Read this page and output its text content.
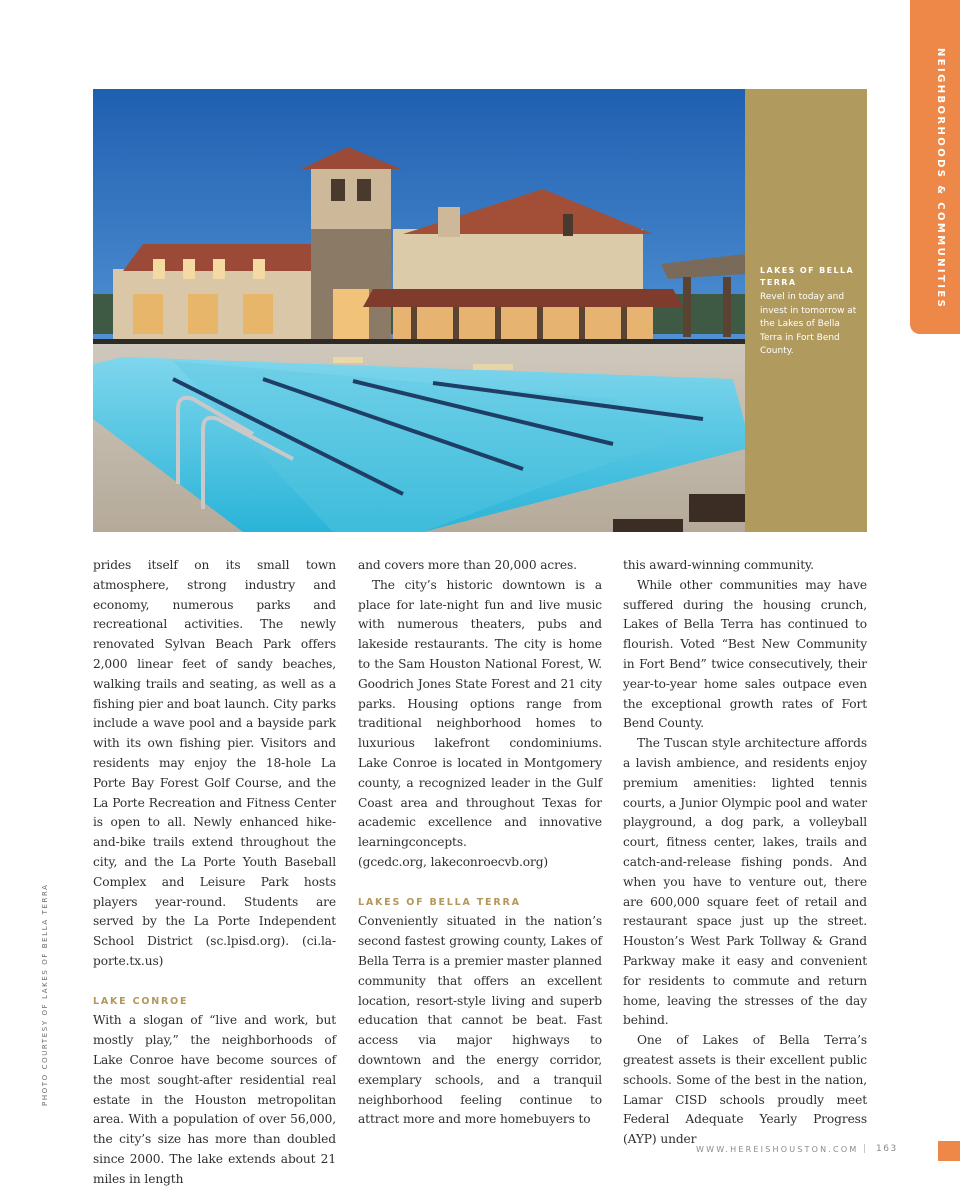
NEIGHBORHOODS & COMMUNITIES
PHOTO COURTESY OF LAKES OF BELLA TERRA
LAKES OF BELLA TERRA
Revel in today and invest in tomorrow at the Lakes of Bella Terra in Fort Bend County.

prides itself on its small town atmosphere, strong industry and economy, numerous parks and recreational activities. The newly renovated Sylvan Beach Park offers 2,000 linear feet of sandy beaches, walking trails and seating, as well as a fishing pier and boat launch. City parks include a wave pool and a bayside park with its own fishing pier. Visitors and residents may enjoy the 18-hole La Porte Bay Forest Golf Course, and the La Porte Recreation and Fitness Center is open to all. Newly enhanced hike-and-bike trails extend throughout the city, and the La Porte Youth Baseball Complex and Leisure Park hosts players year-round. Students are served by the La Porte Independent School District (sc.lpisd.org). (ci.la-porte.tx.us)

LAKE CONROE

With a slogan of “live and work, but mostly play,” the neighborhoods of Lake Conroe have become sources of the most sought-after residential real estate in the Houston metropolitan area. With a population of over 56,000, the city’s size has more than doubled since 2000. The lake extends about 21 miles in length

and covers more than 20,000 acres.

The city’s historic downtown is a place for late-night fun and live music with numerous theaters, pubs and lakeside restaurants. The city is home to the Sam Houston National Forest, W. Goodrich Jones State Forest and 21 city parks. Housing options range from traditional neighborhood homes to luxurious lakefront condominiums. Lake Conroe is located in Montgomery county, a recognized leader in the Gulf Coast area and throughout Texas for academic excellence and innovative learningconcepts.

(gcedc.org, lakeconroecvb.org)

LAKES OF BELLA TERRA

Conveniently situated in the nation’s second fastest growing county, Lakes of Bella Terra is a premier master planned community that offers an excellent location, resort-style living and superb education that cannot be beat. Fast access via major highways to downtown and the energy corridor, exemplary schools, and a tranquil neighborhood feeling continue to attract more and more homebuyers to

this award-winning community.

While other communities may have suffered during the housing crunch, Lakes of Bella Terra has continued to flourish. Voted “Best New Community in Fort Bend” twice consecutively, their year-to-year home sales outpace even the exceptional growth rates of Fort Bend County.

The Tuscan style architecture affords a lavish ambience, and residents enjoy premium amenities: lighted tennis courts, a Junior Olympic pool and water playground, a dog park, a volleyball court, fitness center, lakes, trails and catch-and-release fishing ponds. And when you have to venture out, there are 600,000 square feet of retail and restaurant space just up the street. Houston’s West Park Tollway & Grand Parkway make it easy and convenient for residents to commute and return home, leaving the stresses of the day behind.

One of Lakes of Bella Terra’s greatest assets is their excellent public schools. Some of the best in the nation, Lamar CISD schools proudly meet Federal Adequate Yearly Progress (AYP) under

WWW.HEREISHOUSTON.COM | 163
